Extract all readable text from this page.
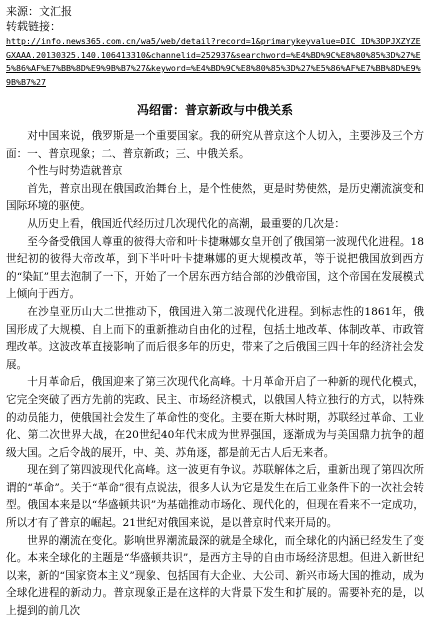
来源：文汇报
转载链接：
http://info.news365.com.cn/wa5/web/detail?record=1&primarykeyvalue=DIC_ID%3DPJXZYZEGXAAA.20130325.140.106413310&channelid=252937&searchword=%E4%BD%9C%E8%80%85%3D%27%E5%86%AF%E7%BB%8D%E9%9B%B7%27&keyword=%E4%BD%9C%E8%80%85%3D%27%E5%86%AF%E7%BB%8D%E9%9B%B7%27
冯绍雷：普京新政与中俄关系

对中国来说，俄罗斯是一个重要国家。我的研究从普京这个人切入，主要涉及三个方面：一、普京现象；二、普京新政；三、中俄关系。

个性与时势造就普京

首先，普京出现在俄国政治舞台上，是个性使然，更是时势使然，是历史潮流演变和国际环境的驱使。

从历史上看，俄国近代经历过几次现代化的高潮，最重要的几次是：

至今备受俄国人尊重的彼得大帝和叶卡捷琳娜女皇开创了俄国第一波现代化进程。18世纪初的彼得大帝改革，到下半叶叶卡捷琳娜的更大规模改革，等于说把俄国放到西方的“染缸”里去泡制了一下，开始了一个居东西方结合部的沙俄帝国，这个帝国在发展模式上倾向于西方。

在沙皇亚历山大二世推动下，俄国进入第二波现代化进程。到标志性的1861年，俄国形成了大规模、自上而下的重新推动自由化的过程，包括土地改革、体制改革、市政管理改革。这波改革直接影响了而后很多年的历史，带来了之后俄国三四十年的经济社会发展。

十月革命后，俄国迎来了第三次现代化高峰。十月革命开启了一种新的现代化模式，它完全突破了西方先前的宪政、民主、市场经济模式，以俄国人特立独行的方式，以特殊的动员能力，使俄国社会发生了革命性的变化。主要在斯大林时期，苏联经过革命、工业化、第二次世界大战，在20世纪40年代末成为世界强国，逐渐成为与美国鼎力抗争的超级大国。之后令战的展开，中、美、苏角逐，都是前无古人后无来者。

现在到了第四波现代化高峰。这一波更有争议。苏联解体之后，重新出现了第四次所谓的“革命”。关于“革命”很有点说法，很多人认为它是发生在后工业条件下的一次社会转型。俄国本来是以“华盛顿共识”为基础推动市场化、现代化的，但现在看来不一定成功，所以才有了普京的崛起。21世纪对俄国来说，是以普京时代来开局的。

世界的潮流在变化。影响世界潮流最深的就是全球化，而全球化的内涵已经发生了变化。本来全球化的主题是“华盛顿共识”，是西方主导的自由市场经济思想。但进入新世纪以来，新的“国家资本主义”现象、包括国有大企业、大公司、新兴市场大国的推动，成为全球化进程的新动力。普京现象正是在这样的大背景下发生和扩展的。需要补充的是，以上提到的前几次
